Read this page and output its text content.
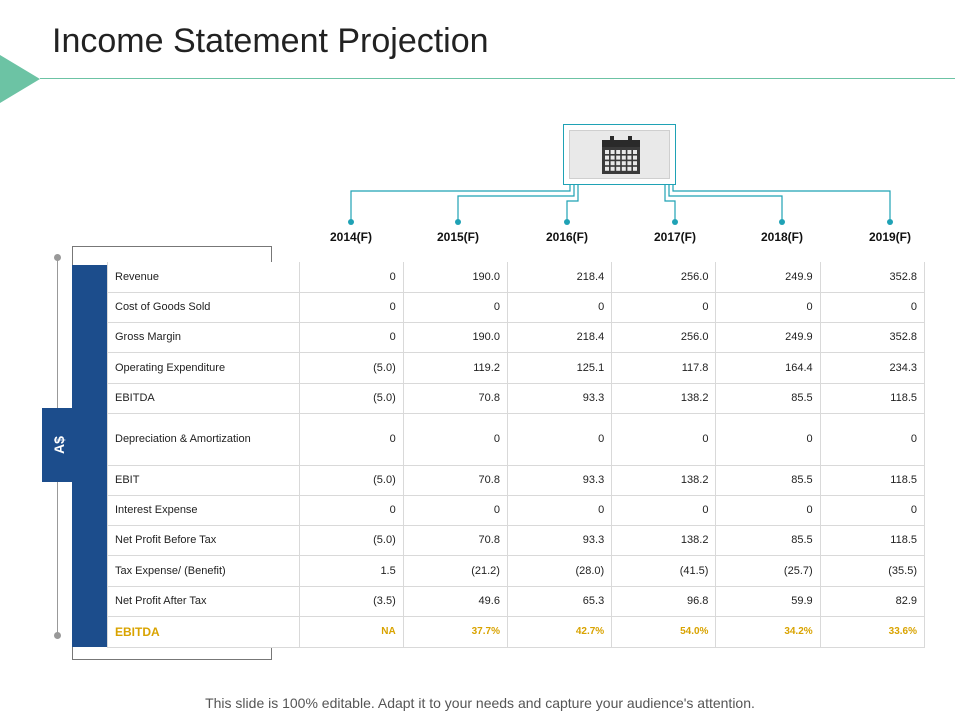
Income Statement Projection
2014(F)	2015(F)	2016(F)	2017(F)	2018(F)	2019(F)
A$
Revenue	0	190.0	218.4	256.0	249.9	352.8
Cost of Goods Sold	0	0	0	0	0	0
Gross Margin	0	190.0	218.4	256.0	249.9	352.8
Operating Expenditure	(5.0)	119.2	125.1	117.8	164.4	234.3
EBITDA	(5.0)	70.8	93.3	138.2	85.5	118.5
Depreciation & Amortization	0	0	0	0	0	0
EBIT	(5.0)	70.8	93.3	138.2	85.5	118.5
Interest Expense	0	0	0	0	0	0
Net Profit Before Tax	(5.0)	70.8	93.3	138.2	85.5	118.5
Tax Expense/ (Benefit)	1.5	(21.2)	(28.0)	(41.5)	(25.7)	(35.5)
Net Profit After Tax	(3.5)	49.6	65.3	96.8	59.9	82.9
EBITDA	NA	37.7%	42.7%	54.0%	34.2%	33.6%
This slide is 100% editable. Adapt it to your needs and capture your audience's attention.
